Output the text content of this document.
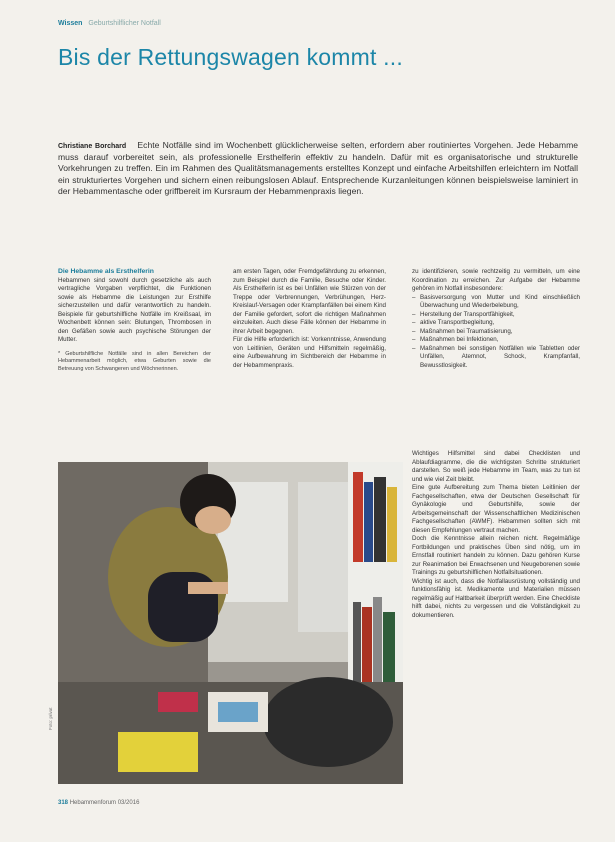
Wissen Geburtshilflicher Notfall
Bis der Rettungswagen kommt ...
Christiane Borchard Echte Notfälle sind im Wochenbett glücklicherweise selten, erfordern aber routiniertes Vorgehen. Jede Hebamme muss darauf vorbereitet sein, als professionelle Ersthelferin effektiv zu handeln. Dafür mit es organisatorische und strukturelle Vorkehrungen zu treffen. Ein im Rahmen des Qualitätsmanagements erstelltes Konzept und einfache Arbeitshilfen erleichtern im Notfall ein strukturiertes Vorgehen und sichern einen reibungslosen Ablauf. Entsprechende Kurzanleitungen können beispielsweise laminiert in der Hebammentasche oder griffbereit im Kursraum der Hebammenpraxis liegen.
Die Hebamme als Ersthelferin
Hebammen sind sowohl durch gesetzliche als auch vertragliche Vorgaben verpflichtet, die Funktionen sowie als Hebamme die Leistungen zur Ersthilfe sicherzustellen und dafür verantwortlich zu handeln. Beispiele für geburtshilfliche Notfälle im Kreißsaal, im Wochenbett können sein: Blutungen, Thrombosen in den Gefäßen sowie auch psychische Störungen der Mutter.
* Geburtshilfliche Notfälle sind in allen Bereichen der Hebammenarbeit möglich, etwa Geburten sowie die Betreuung von Schwangeren und Wöchnerinnen.
am ersten Tagen, oder Fremdgefährdung zu erkennen, zum Beispiel durch die Familie, Besuche oder Kinder. Als Ersthelferin ist es bei Unfällen wie Stürzen von der Treppe oder Verbrennungen, Verbrühungen, Herz-Kreislauf-Versagen oder Krampfanfällen bei einem Kind der Familie gefordert, sofort die richtigen Maßnahmen einzuleiten. Auch diese Fälle können der Hebamme in ihrer Arbeit begegnen.
Für die Hilfe erforderlich ist: Vorkenntnisse, Anwendung von Leitlinien, Geräten und Hilfsmitteln regelmäßig, eine Aufbewahrung im Sichtbereich der Hebamme in der Hebammenpraxis.
zu identifizieren, sowie rechtzeitig zu vermitteln, um eine Koordination zu erreichen. Zur Aufgabe der Hebamme gehören im Notfall insbesondere:
– Basisversorgung von Mutter und Kind einschließlich Überwachung und Wiederbelebung,
– Herstellung der Transportfähigkeit,
– aktive Transportbegleitung,
– Maßnahmen bei Traumatisierung,
– Maßnahmen bei Infektionen,
– Maßnahmen bei sonstigen Notfällen wie Tabletten oder Unfällen, Atemnot, Schock, Krampfanfall, Bewusstlosigkeit.
Wichtiges Hilfsmittel sind dabei Checklisten und Ablaufdiagramme, die die wichtigsten Schritte strukturiert darstellen. So weiß jede Hebamme im Team, was zu tun ist und wie viel Zeit bleibt.
Eine gute Aufbereitung zum Thema bieten Leitlinien der Fachgesellschaften, etwa der Deutschen Gesellschaft für Gynäkologie und Geburtshilfe, sowie der Arbeitsgemeinschaft der Wissenschaftlichen Medizinischen Fachgesellschaften (AWMF). Hebammen sollten sich mit diesen Empfehlungen vertraut machen.
Doch die Kenntnisse allein reichen nicht. Regelmäßige Fortbildungen und praktisches Üben sind nötig, um im Ernstfall routiniert handeln zu können. Dazu gehören Kurse zur Reanimation bei Erwachsenen und Neugeborenen sowie Trainings zu geburtshilflichen Notfallsituationen.
Wichtig ist auch, dass die Notfallausrüstung vollständig und funktionsfähig ist. Medikamente und Materialien müssen regelmäßig auf Haltbarkeit überprüft werden. Eine Checkliste hilft dabei, nichts zu vergessen und die Vollständigkeit zu dokumentieren.
Foto: privat
318 Hebammenforum 03/2016
